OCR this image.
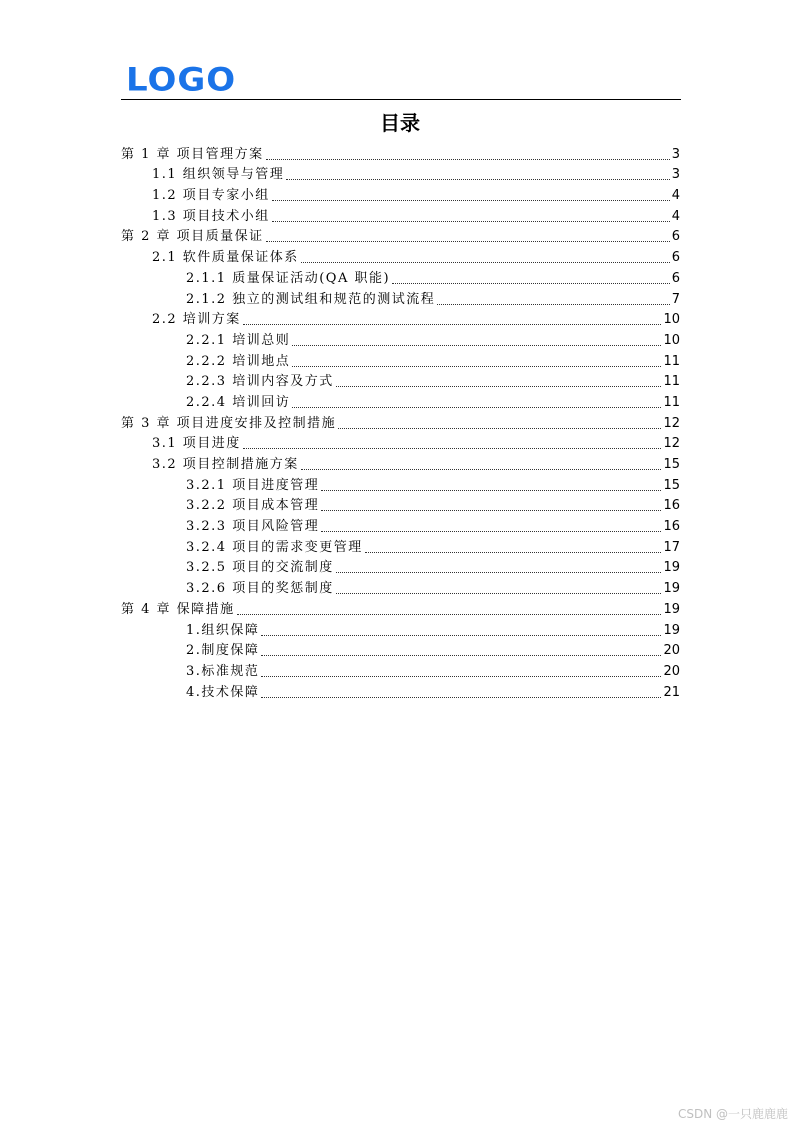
LOGO
目录
第 1 章 项目管理方案	3
1.1 组织领导与管理	3
1.2 项目专家小组	4
1.3 项目技术小组	4
第 2 章 项目质量保证	6
2.1 软件质量保证体系	6
2.1.1 质量保证活动(QA 职能)	6
2.1.2 独立的测试组和规范的测试流程	7
2.2 培训方案	10
2.2.1 培训总则	10
2.2.2 培训地点	11
2.2.3 培训内容及方式	11
2.2.4 培训回访	11
第 3 章 项目进度安排及控制措施	12
3.1 项目进度	12
3.2 项目控制措施方案	15
3.2.1 项目进度管理	15
3.2.2 项目成本管理	16
3.2.3 项目风险管理	16
3.2.4 项目的需求变更管理	17
3.2.5 项目的交流制度	19
3.2.6 项目的奖惩制度	19
第 4 章 保障措施	19
1.组织保障	19
2.制度保障	20
3.标准规范	20
4.技术保障	21
CSDN @一只鹿鹿鹿
